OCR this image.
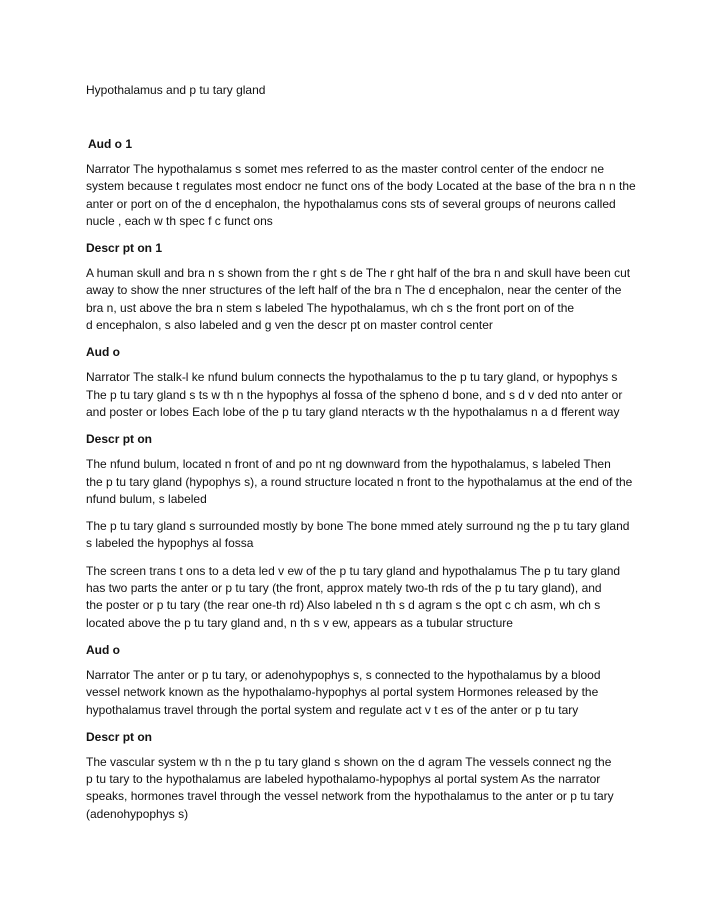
Hypothalamus and p tu tary gland
Aud o 1

Narrator The hypothalamus s somet mes referred to as the master control center of the endocr ne
system because t regulates most endocr ne funct ons of the body Located at the base of the bra n n the
anter or port on of the d encephalon, the hypothalamus cons sts of several groups of neurons called
nucle , each w th spec f c funct ons

Descr pt on 1

A human skull and bra n s shown from the r ght s de The r ght half of the bra n and skull have been cut
away to show the nner structures of the left half of the bra n The d encephalon, near the center of the
bra n, ust above the bra n stem s labeled The hypothalamus, wh ch s the front port on of the
d encephalon, s also labeled and g ven the descr pt on master control center

Aud o

Narrator The stalk-l ke nfund bulum connects the hypothalamus to the p tu tary gland, or hypophys s
The p tu tary gland s ts w th n the hypophys al fossa of the spheno d bone, and s d v ded nto anter or
and poster or lobes Each lobe of the p tu tary gland nteracts w th the hypothalamus n a d fferent way

Descr pt on

The nfund bulum, located n front of and po nt ng downward from the hypothalamus, s labeled Then
the p tu tary gland (hypophys s), a round structure located n front to the hypothalamus at the end of the
nfund bulum, s labeled

The p tu tary gland s surrounded mostly by bone The bone mmed ately surround ng the p tu tary gland
s labeled the hypophys al fossa

The screen trans t ons to a deta led v ew of the p tu tary gland and hypothalamus The p tu tary gland
has two parts the anter or p tu tary (the front, approx mately two-th rds of the p tu tary gland), and
the poster or p tu tary (the rear one-th rd) Also labeled n th s d agram s the opt c ch asm, wh ch s
located above the p tu tary gland and, n th s v ew, appears as a tubular structure

Aud o

Narrator The anter or p tu tary, or adenohypophys s, s connected to the hypothalamus by a blood
vessel network known as the hypothalamo-hypophys al portal system Hormones released by the
hypothalamus travel through the portal system and regulate act v t es of the anter or p tu tary

Descr pt on

The vascular system w th n the p tu tary gland s shown on the d agram The vessels connect ng the
p tu tary to the hypothalamus are labeled hypothalamo-hypophys al portal system As the narrator
speaks, hormones travel through the vessel network from the hypothalamus to the anter or p tu tary
(adenohypophys s)
